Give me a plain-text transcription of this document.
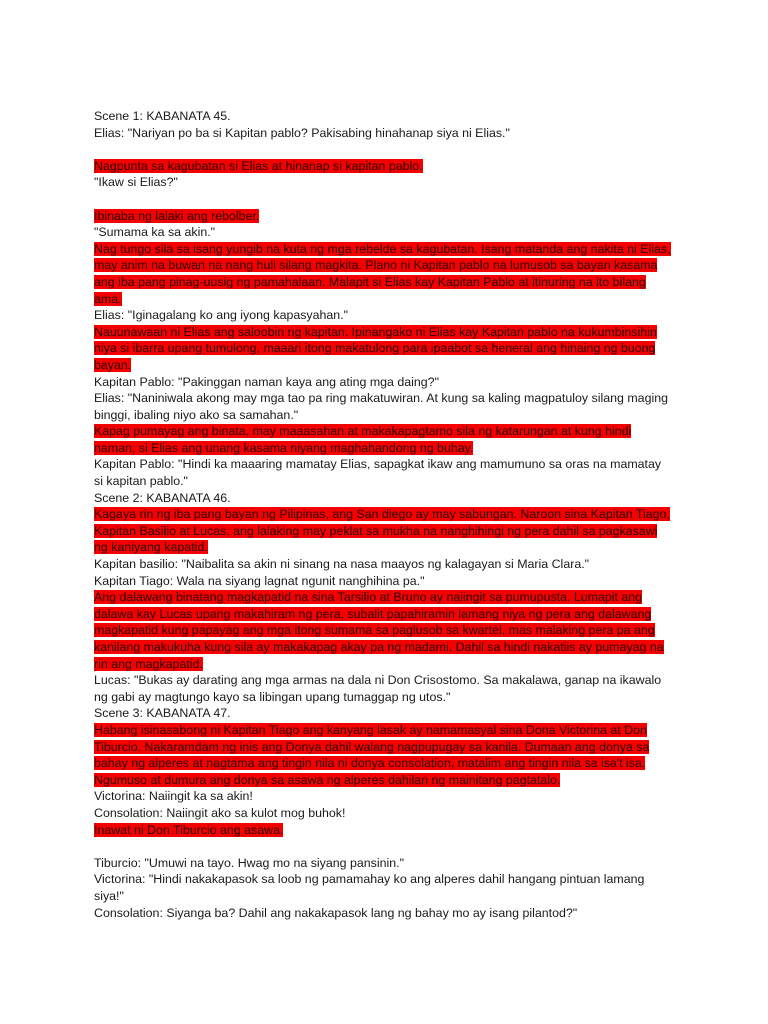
Scene 1: KABANATA 45.
Elias: "Nariyan po ba si Kapitan pablo? Pakisabing hinahanap siya ni Elias."
Nagpunta sa kagubatan si Elias at hinanap si kapitan pablo.
"Ikaw si Elias?"
Ibinaba ng lalaki ang rebolber.
"Sumama ka sa akin."
Nag tungo sila sa isang yungib na kuta ng mga rebelde sa kagubatan. Isang matanda ang nakita ni Elias, may anim na buwan na nang huli silang magkita. Plano ni Kapitan pablo na lumusob sa bayan kasama ang iba pang pinag-uusig ng pamahalaan. Malapit si Elias kay Kapitan Pablo at itinuring na ito bilang ama.
Elias: "Iginagalang ko ang iyong kapasyahan."
Nauunawaan ni Elias ang saloobin ng kapitan. Ipinangako ni Elias kay Kapitan pablo na kukumbinsihin niya si ibarra upang tumulong, maaari itong makatulong para ipaabot sa heneral ang hinaing ng buong bayan.
Kapitan Pablo: "Pakinggan naman kaya ang ating mga daing?"
Elias: "Naniniwala akong may mga tao pa ring makatuwiran. At kung sa kaling magpatuloy silang maging binggi, ibaling niyo ako sa samahan."
Kapag pumayag ang binata, may maaasahan at makakapagtamo sila ng katarungan at kung hindi naman, si Elias ang unang kasama niyang maghahandong ng buhay.
Kapitan Pablo: "Hindi ka maaaring mamatay Elias, sapagkat ikaw ang mamumuno sa oras na mamatay si kapitan pablo."
Scene 2: KABANATA 46.
Kagaya rin ng iba pang bayan ng Pilipinas, ang San diego ay may sabungan. Naroon sina Kapitan Tiago, Kapitan Basilio at Lucas, ang lalaking may peklat sa mukha na nanghihingi ng pera dahil sa pagkasawi ng kaniyang kapatid.
Kapitan basilio: "Naibalita sa akin ni sinang na nasa maayos ng kalagayan si Maria Clara."
Kapitan Tiago: Wala na siyang lagnat ngunit nanghihina pa."
Ang dalawang binatang magkapatid na sina Tarsilio at Bruno ay naiingit sa pumupusta. Lumapit ang dalawa kay Lucas upang makahiram ng pera, subalit papahiramin lamang niya ng pera ang dalawang magkapatid kung papayag ang mga itong sumama sa paglusob sa kwartel, mas malaking pera pa ang kanilang makukuha kung sila ay makakapag akay pa ng madami. Dahil sa hindi nakatiis ay pumayag na rin ang magkapatid.
Lucas: "Bukas ay darating ang mga armas na dala ni Don Crisostomo. Sa makalawa, ganap na ikawalo ng gabi ay magtungo kayo sa libingan upang tumaggap ng utos."
Scene 3: KABANATA 47.
Habang isinasabong ni Kapitan Tiago ang kanyang lasak ay namamasyal sina Dona Victorina at Don Tiburcio. Nakaramdam ng inis ang Donya dahil walang nagpupugay sa kanila. Dumaan ang donya sa bahay ng alperes at nagtama ang tingin nila ni donya consolation, matalim ang tingin nila sa isa't isa. Ngumuso at dumura ang donya sa asawa ng alperes dahilan ng mainitang pagtatalo.
Victorina: Naiingit ka sa akin!
Consolation: Naiingit ako sa kulot mog buhok!
Inawat ni Don Tiburcio ang asawa.
Tiburcio: "Umuwi na tayo. Hwag mo na siyang pansinin."
Victorina: "Hindi nakakapasok sa loob ng pamamahay ko ang alperes dahil hangang pintuan lamang siya!"
Consolation: Siyanga ba? Dahil ang nakakapasok lang ng bahay mo ay isang pilantod?"
